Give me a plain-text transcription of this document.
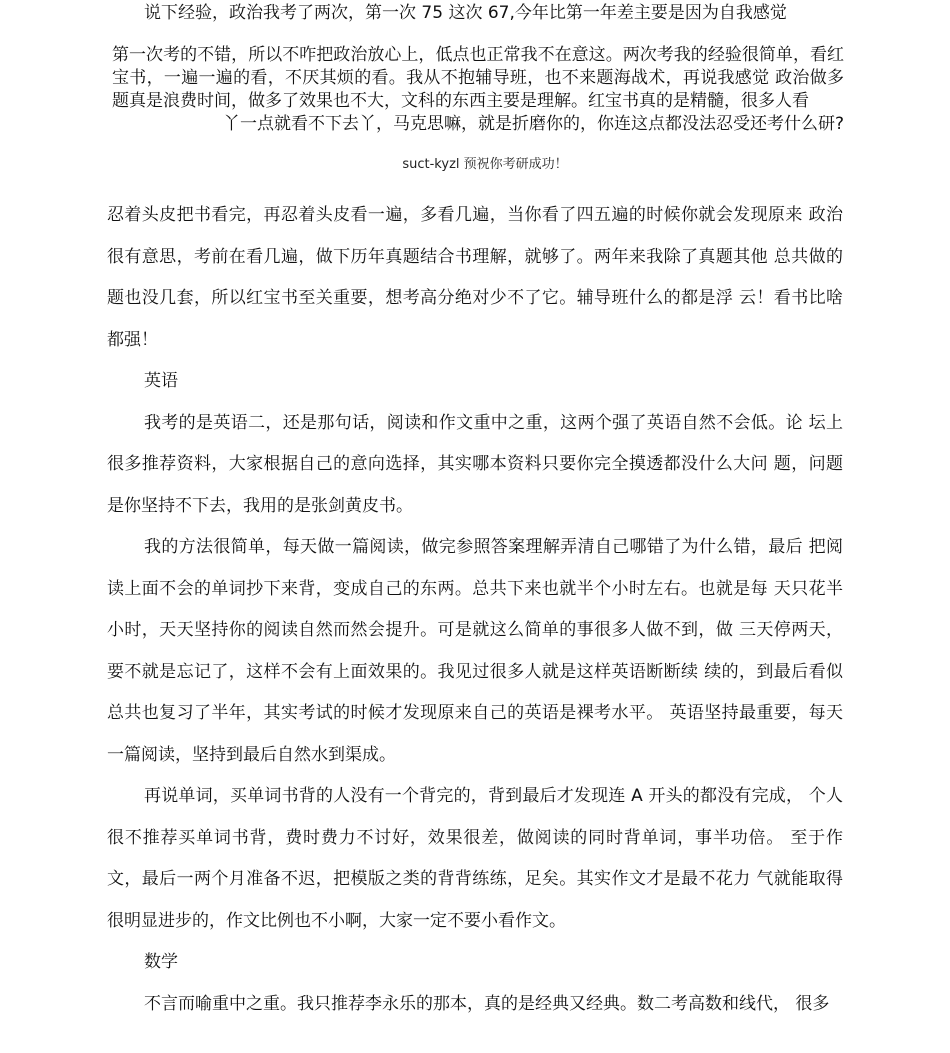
说下经验，政治我考了两次，第一次 75 这次 67,今年比第一年差主要是因为自我感觉
第一次考的不错，所以不咋把政治放心上，低点也正常我不在意这。两次考我的经验很简单，看红宝书，一遍一遍的看，不厌其烦的看。我从不抱辅导班，也不来题海战术，再说我感觉 政治做多题真是浪费时间，做多了效果也不大，文科的东西主要是理解。红宝书真的是精髓，很多人看
丫一点就看不下去丫，马克思嘛，就是折磨你的，你连这点都没法忍受还考什么研?
suct-kyzl 预祝你考研成功！

忍着头皮把书看完，再忍着头皮看一遍，多看几遍，当你看了四五遍的时候你就会发现原来 政治很有意思，考前在看几遍，做下历年真题结合书理解，就够了。两年来我除了真题其他 总共做的题也没几套，所以红宝书至关重要，想考高分绝对少不了它。辅导班什么的都是浮 云！看书比啥都强！

英语

我考的是英语二，还是那句话，阅读和作文重中之重，这两个强了英语自然不会低。论 坛上很多推荐资料，大家根据自己的意向选择，其实哪本资料只要你完全摸透都没什么大问 题，问题是你坚持不下去，我用的是张剑黄皮书。

我的方法很简单，每天做一篇阅读，做完参照答案理解弄清自己哪错了为什么错，最后 把阅读上面不会的单词抄下来背，变成自己的东两。总共下来也就半个小时左右。也就是每 天只花半小时，天天坚持你的阅读自然而然会提升。可是就这么简单的事很多人做不到，做 三天停两天，要不就是忘记了，这样不会有上面效果的。我见过很多人就是这样英语断断续 续的，到最后看似总共也复习了半年，其实考试的时候才发现原来自己的英语是裸考水平。 英语坚持最重要，每天一篇阅读，坚持到最后自然水到渠成。

再说单词，买单词书背的人没有一个背完的，背到最后才发现连 A 开头的都没有完成， 个人很不推荐买单词书背，费时费力不讨好，效果很差，做阅读的同时背单词，事半功倍。 至于作文，最后一两个月准备不迟，把模版之类的背背练练，足矣。其实作文才是最不花力 气就能取得很明显进步的，作文比例也不小啊，大家一定不要小看作文。

数学

不言而喻重中之重。我只推荐李永乐的那本，真的是经典又经典。数二考高数和线代， 很多
